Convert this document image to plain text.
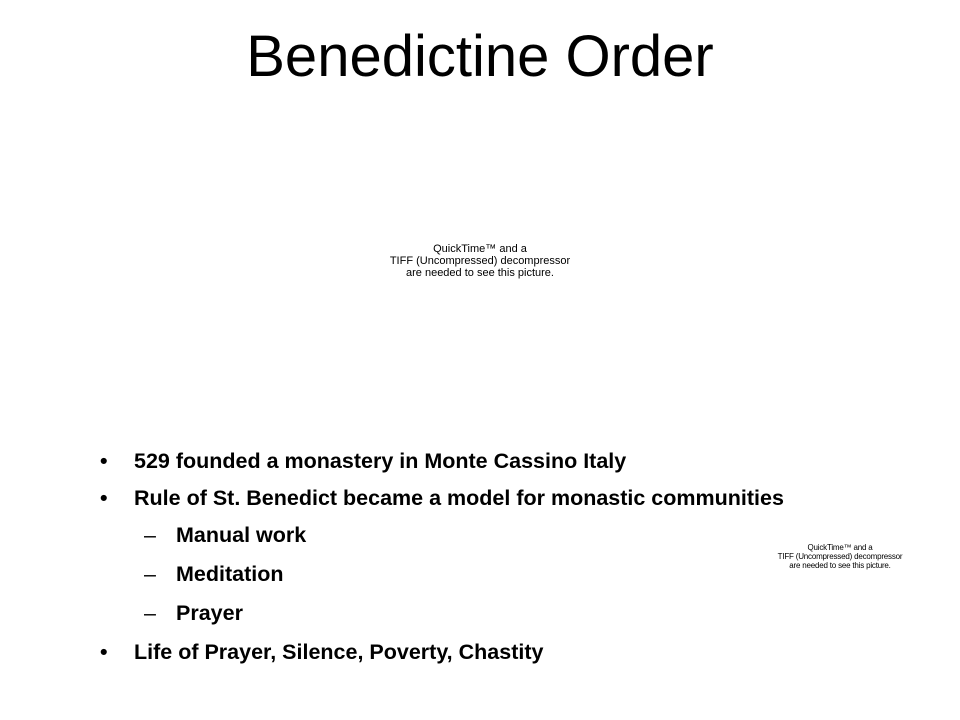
Benedictine Order
QuickTime™ and a
TIFF (Uncompressed) decompressor
are needed to see this picture.
QuickTime™ and a
TIFF (Uncompressed) decompressor
are needed to see this picture.
• 529 founded a monastery in Monte Cassino Italy
• Rule of St. Benedict became a model for monastic communities
– Manual work
– Meditation
– Prayer
• Life of Prayer, Silence, Poverty, Chastity
